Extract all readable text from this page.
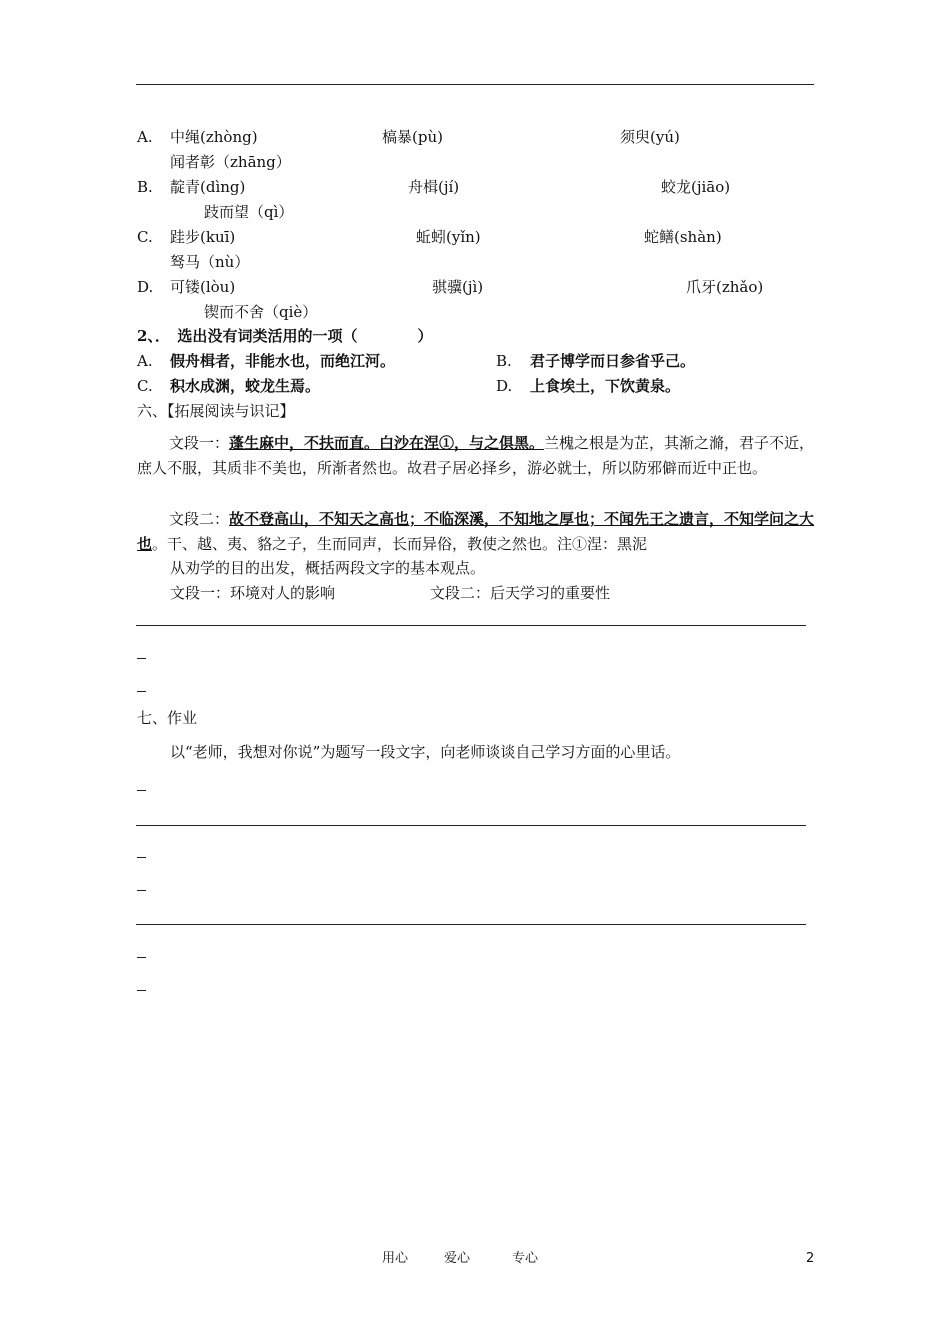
A. 中绳(zhòng)	槁暴(pù)	须臾(yú)
闻者彰（zhāng）
B. 靛青(dìng)	舟楫(jí)	蛟龙(jiāo)
跂而望（qì）
C. 跬步(kuī)	蚯蚓(yǐn)	蛇鳝(shàn)
驽马（nù）
D. 可镂(lòu)	骐骥(jì)	爪牙(zhǎo)
锲而不舍（qiè）
2、．　选出没有词类活用的一项（　　　　）
A. 假舟楫者，非能水也，而绝江河。	B. 君子博学而日参省乎己。
C. 积水成渊，蛟龙生焉。	D. 上食埃土，下饮黄泉。
六、【拓展阅读与识记】
文段一：蓬生麻中，不扶而直。白沙在涅①，与之俱黑。兰槐之根是为芷，其渐之滫，君子不近，庶人不服，其质非不美也，所渐者然也。故君子居必择乡，游必就士，所以防邪僻而近中正也。
文段二：故不登高山，不知天之高也；不临深溪，不知地之厚也；不闻先王之遗言，不知学问之大也。干、越、夷、貉之子，生而同声，长而异俗，教使之然也。注①涅：黑泥
从劝学的目的出发，概括两段文字的基本观点。
文段一：环境对人的影响	文段二：后天学习的重要性
七、作业
以“老师，我想对你说”为题写一段文字，向老师谈谈自己学习方面的心里话。
用心	爱心	专心	2
